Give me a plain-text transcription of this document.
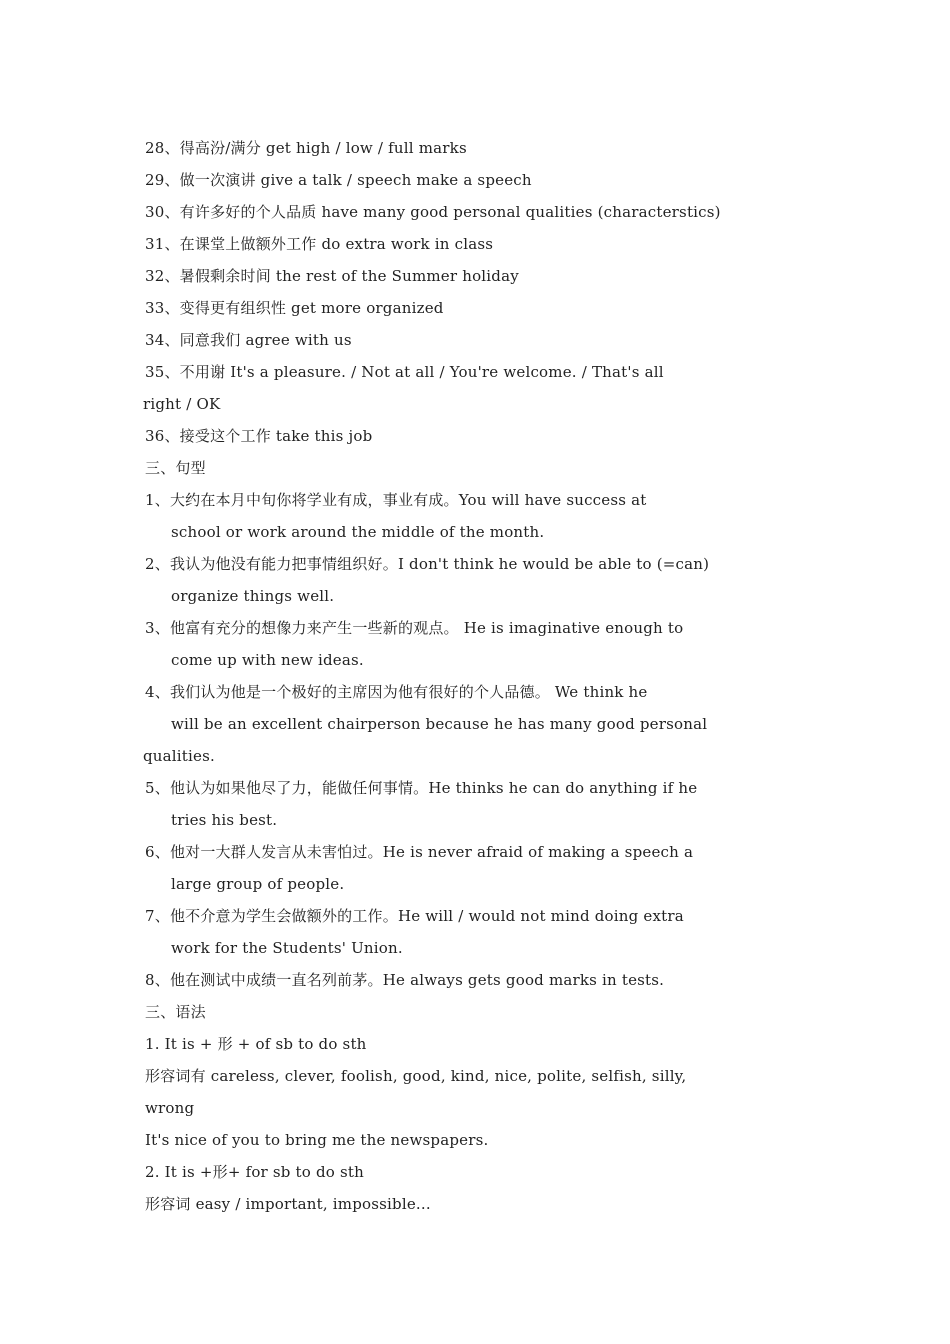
28、得高汾/满分 get high / low / full marks
29、做一次演讲 give a talk / speech make a speech
30、有许多好的个人品质 have many good personal qualities (characterstics)
31、在课堂上做额外工作 do extra work in class
32、暑假剩余时间 the rest of the Summer holiday
33、变得更有组织性 get more organized
34、同意我们 agree with us
35、不用谢 It's a pleasure. / Not at all / You're welcome. / That's all
right / OK
36、接受这个工作 take this job
三、句型
1、大约在本月中旬你将学业有成，事业有成。You will have success at
school or work around the middle of the month.
2、我认为他没有能力把事情组织好。I don't think he would be able to (=can)
organize things well.
3、他富有充分的想像力来产生一些新的观点。 He is imaginative enough to
come up with new ideas.
4、我们认为他是一个极好的主席因为他有很好的个人品德。 We think he
will be an excellent chairperson because he has many good personal
qualities.
5、他认为如果他尽了力，能做任何事情。He thinks he can do anything if he
tries his best.
6、他对一大群人发言从未害怕过。He is never afraid of making a speech a
large group of people.
7、他不介意为学生会做额外的工作。He will / would not mind doing extra
work for the Students' Union.
8、他在测试中成绩一直名列前茅。He always gets good marks in tests.
三、语法
1. It is + 形 + of sb to do sth
形容词有 careless, clever, foolish, good, kind, nice, polite, selfish, silly,
wrong
It's nice of you to bring me the newspapers.
2. It is +形+ for sb to do sth
形容词 easy / important, impossible...
